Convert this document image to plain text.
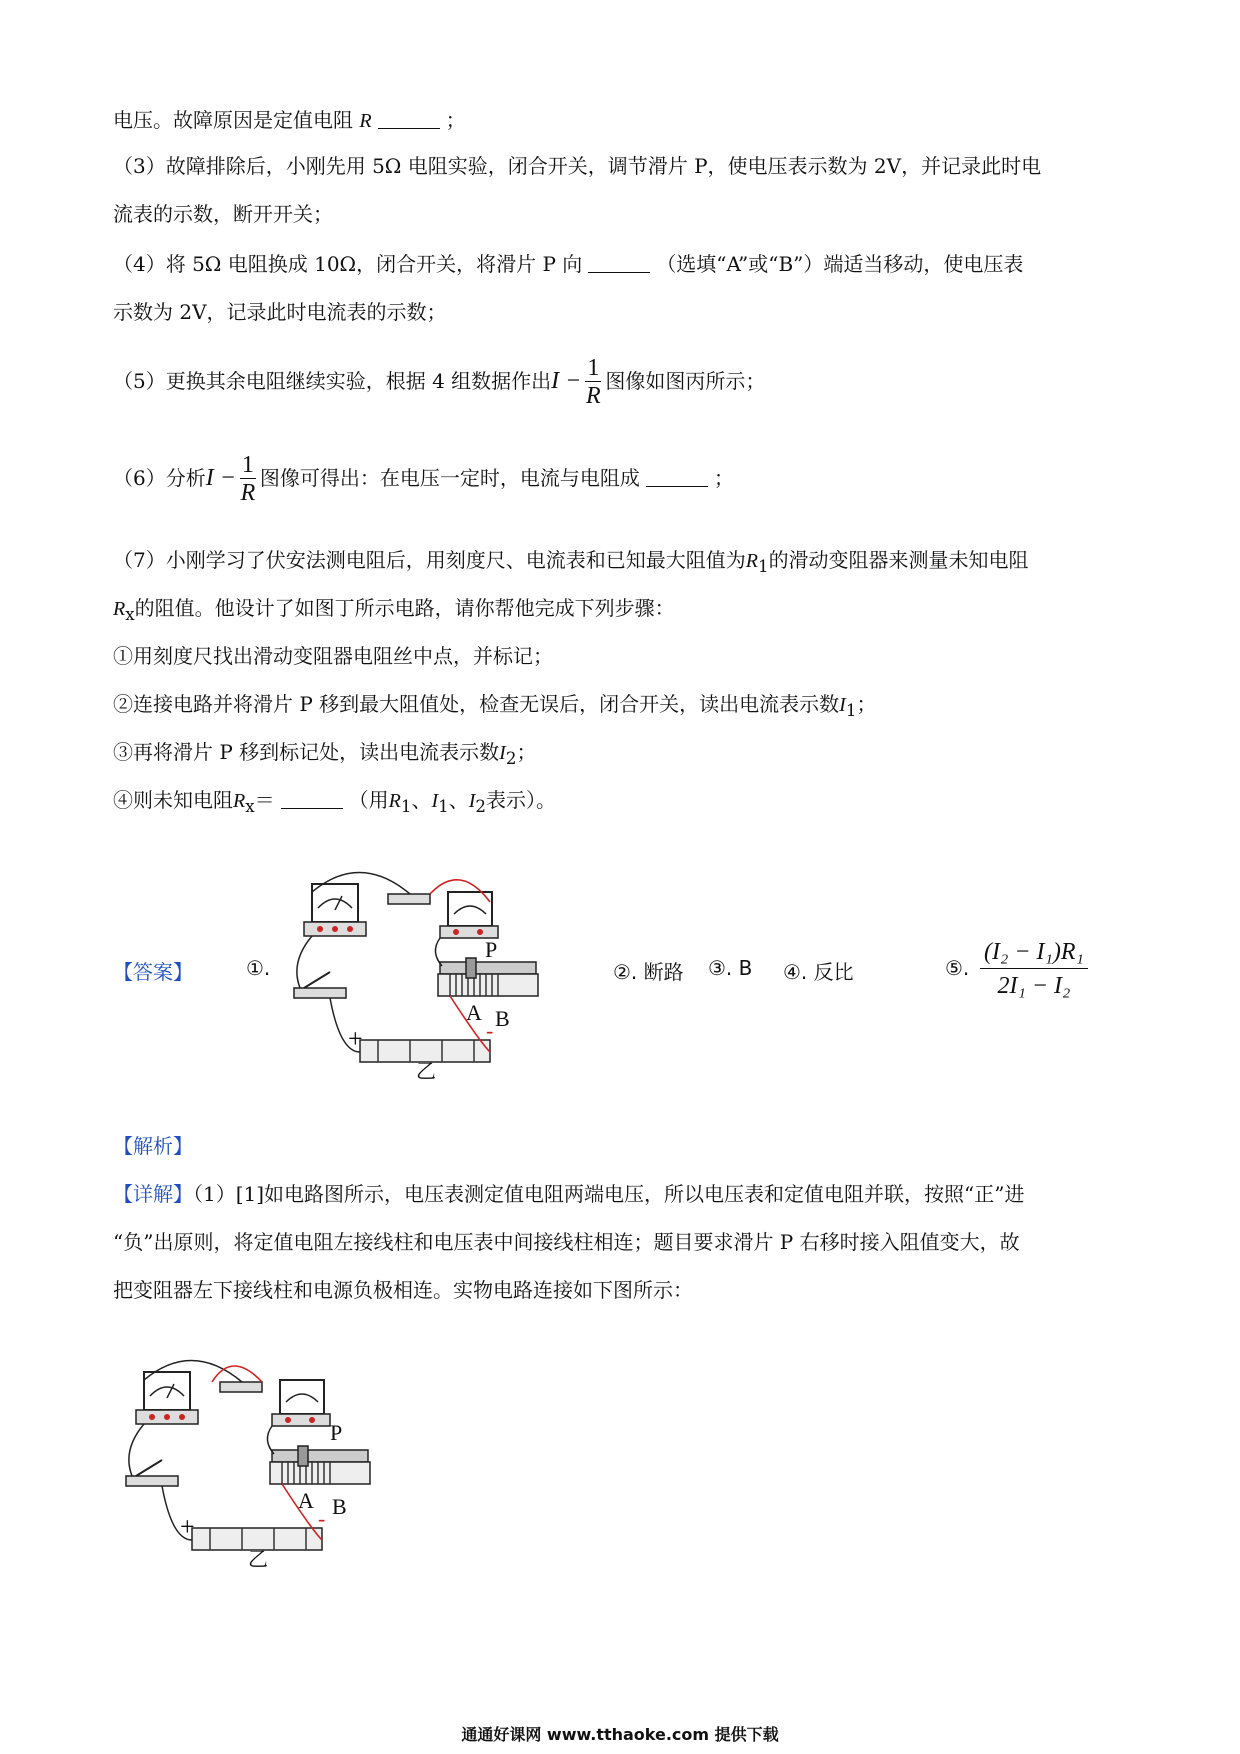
电压。故障原因是定值电阻 R	；
（3）故障排除后，小刚先用 5Ω 电阻实验，闭合开关，调节滑片 P，使电压表示数为 2V，并记录此时电
流表的示数，断开开关；
（4）将 5Ω 电阻换成 10Ω，闭合开关，将滑片 P 向	（选填“A”或“B”）端适当移动，使电压表
示数为 2V，记录此时电流表的示数；
（5）更换其余电阻继续实验，根据 4 组数据作出$I - \frac{1}{R}$ 图像如图丙所示；
（6）分析$I - \frac{1}{R}$ 图像可得出：在电压一定时，电流与电阻成	；
（7）小刚学习了伏安法测电阻后，用刻度尺、电流表和已知最大阻值为$R_1$的滑动变阻器来测量未知电阻
$R_x$的阻值。他设计了如图丁所示电路，请你帮他完成下列步骤：
①用刻度尺找出滑动变阻器电阻丝中点，并标记；
②连接电路并将滑片 P 移到最大阻值处，检查无误后，闭合开关，读出电流表示数$I_1$；
③再将滑片 P 移到标记处，读出电流表示数$I_2$；
④则未知电阻$R_x=$	（用$R_1$、$I_1$、$I_2$表示）。
【答案】	①.
P
A B
+	-
乙
②. 断路 ③. B ④. 反比	⑤. $\frac{\text{(I₂ − I₁)R₁}}{\text{2I₁ − I₂}}$
【解析】
【详解】（1）[1]如电路图所示，电压表测定值电阻两端电压，所以电压表和定值电阻并联，按照“正”进
“负”出原则，将定值电阻左接线柱和电压表中间接线柱相连；题目要求滑片 P 右移时接入阻值变大，故
把变阻器左下接线柱和电源负极相连。实物电路连接如下图所示：
P
A B
+	-
乙
通通好课网 www.tthaoke.com 提供下载
